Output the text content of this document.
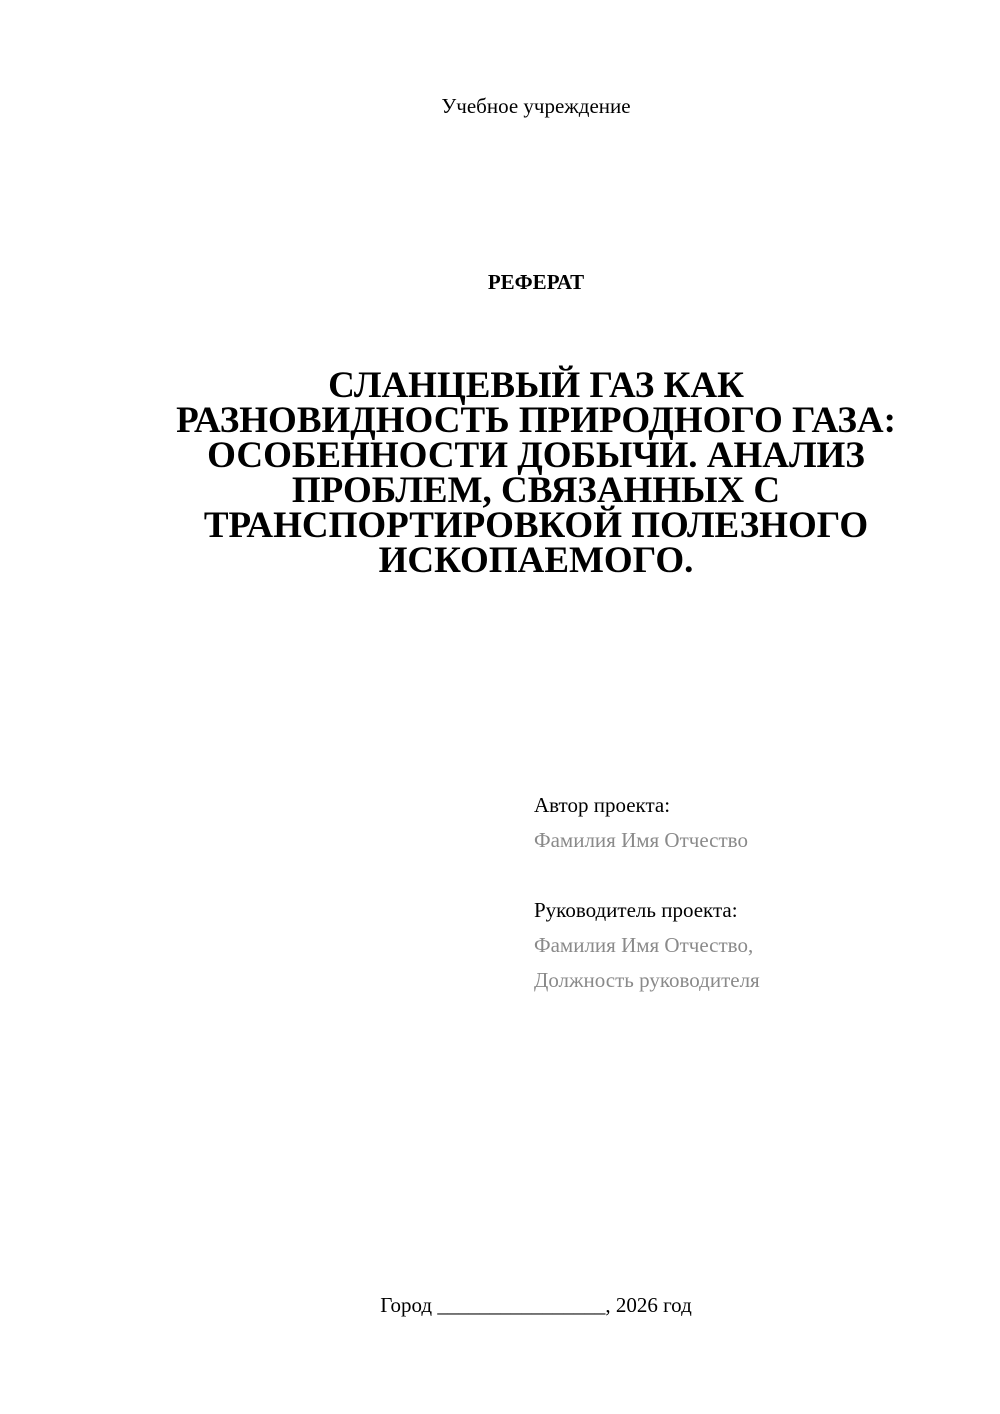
Учебное учреждение
РЕФЕРАТ
СЛАНЦЕВЫЙ ГАЗ КАК
РАЗНОВИДНОСТЬ ПРИРОДНОГО ГАЗА:
ОСОБЕННОСТИ ДОБЫЧИ. АНАЛИЗ
ПРОБЛЕМ, СВЯЗАННЫХ С
ТРАНСПОРТИРОВКОЙ ПОЛЕЗНОГО
ИСКОПАЕМОГО.
Автор проекта:
Фамилия Имя Отчество
Руководитель проекта:
Фамилия Имя Отчество,
Должность руководителя
Город ________________, 2026 год
